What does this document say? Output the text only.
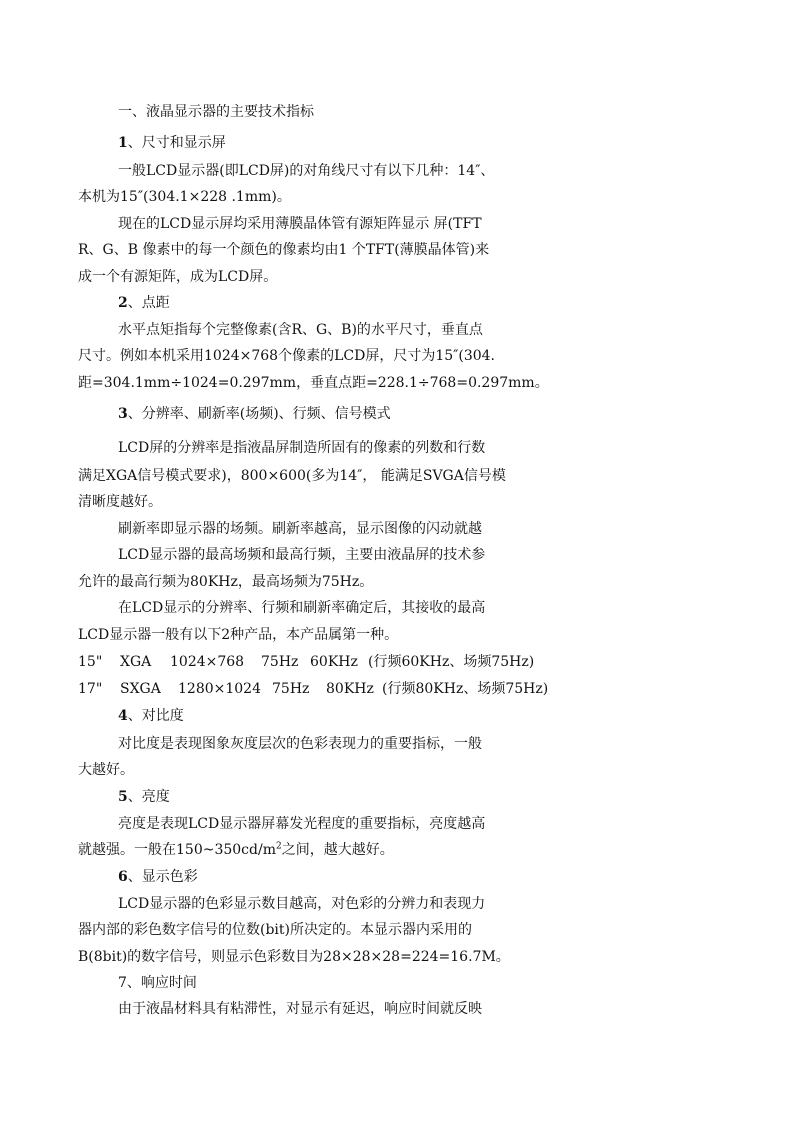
一、液晶显示器的主要技术指标
1、尺寸和显示屏
一般LCD显示器(即LCD屏)的对角线尺寸有以下几种：14″、
本机为15″(304.1×228 .1mm)。
现在的LCD显示屏均采用薄膜晶体管有源矩阵显示 屏(TFT
R、G、B 像素中的每一个颜色的像素均由1 个TFT(薄膜晶体管)来
成一个有源矩阵，成为LCD屏。
2、点距
水平点矩指每个完整像素(含R、G、B)的水平尺寸，垂直点
尺寸。例如本机采用1024×768个像素的LCD屏，尺寸为15″(304.
距=304.1mm÷1024=0.297mm，垂直点距=228.1÷768=0.297mm。
3、分辨率、刷新率(场频)、行频、信号模式
LCD屏的分辨率是指液晶屏制造所固有的像素的列数和行数
满足XGA信号模式要求)，800×600(多为14″， 能满足SVGA信号模
清晰度越好。
刷新率即显示器的场频。刷新率越高，显示图像的闪动就越
LCD显示器的最高场频和最高行频，主要由液晶屏的技术参
允许的最高行频为80KHz，最高场频为75Hz。
在LCD显示的分辨率、行频和刷新率确定后，其接收的最高
LCD显示器一般有以下2种产品，本产品属第一种。
15" XGA 1024×768 75Hz 60KHz (行频60KHz、场频75Hz)
17" SXGA 1280×1024 75Hz 80KHz (行频80KHz、场频75Hz)
4、对比度
对比度是表现图象灰度层次的色彩表现力的重要指标，一般
大越好。
5、亮度
亮度是表现LCD显示器屏幕发光程度的重要指标，亮度越高
就越强。一般在$150\sim 350cd/m^2$之间，越大越好。
6、显示色彩
LCD显示器的色彩显示数目越高，对色彩的分辨力和表现力
器内部的彩色数字信号的位数(bit)所决定的。本显示器内采用的
B(8bit)的数字信号，则显示色彩数目为28×28×28=224=16.7M。
7、响应时间
由于液晶材料具有粘滞性，对显示有延迟，响应时间就反映
